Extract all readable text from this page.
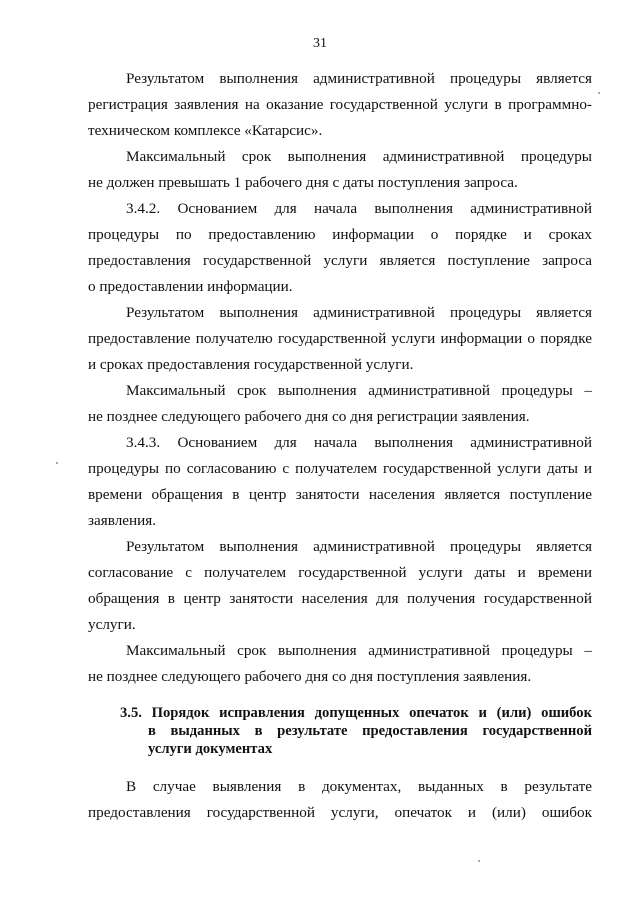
31
Результатом выполнения административной процедуры является
регистрация заявления на оказание государственной услуги в программно-
техническом комплексе «Катарсис».
Максимальный срок выполнения административной процедуры
не должен превышать 1 рабочего дня с даты поступления запроса.
3.4.2. Основанием для начала выполнения административной
процедуры по предоставлению информации о порядке и сроках
предоставления государственной услуги является поступление запроса
о предоставлении информации.
Результатом выполнения административной процедуры является
предоставление получателю государственной услуги информации о порядке
и сроках предоставления государственной услуги.
Максимальный срок выполнения административной процедуры –
не позднее следующего рабочего дня со дня регистрации заявления.
3.4.3. Основанием для начала выполнения административной
процедуры по согласованию с получателем государственной услуги даты и
времени обращения в центр занятости населения является поступление
заявления.
Результатом выполнения административной процедуры является
согласование с получателем государственной услуги даты и времени
обращения в центр занятости населения для получения государственной
услуги.
Максимальный срок выполнения административной процедуры –
не позднее следующего рабочего дня со дня поступления заявления.
В случае выявления в документах, выданных в результате
предоставления государственной услуги, опечаток и (или) ошибок
3.5. Порядок исправления допущенных опечаток и (или) ошибок
в выданных в результате предоставления государственной
услуги документах
